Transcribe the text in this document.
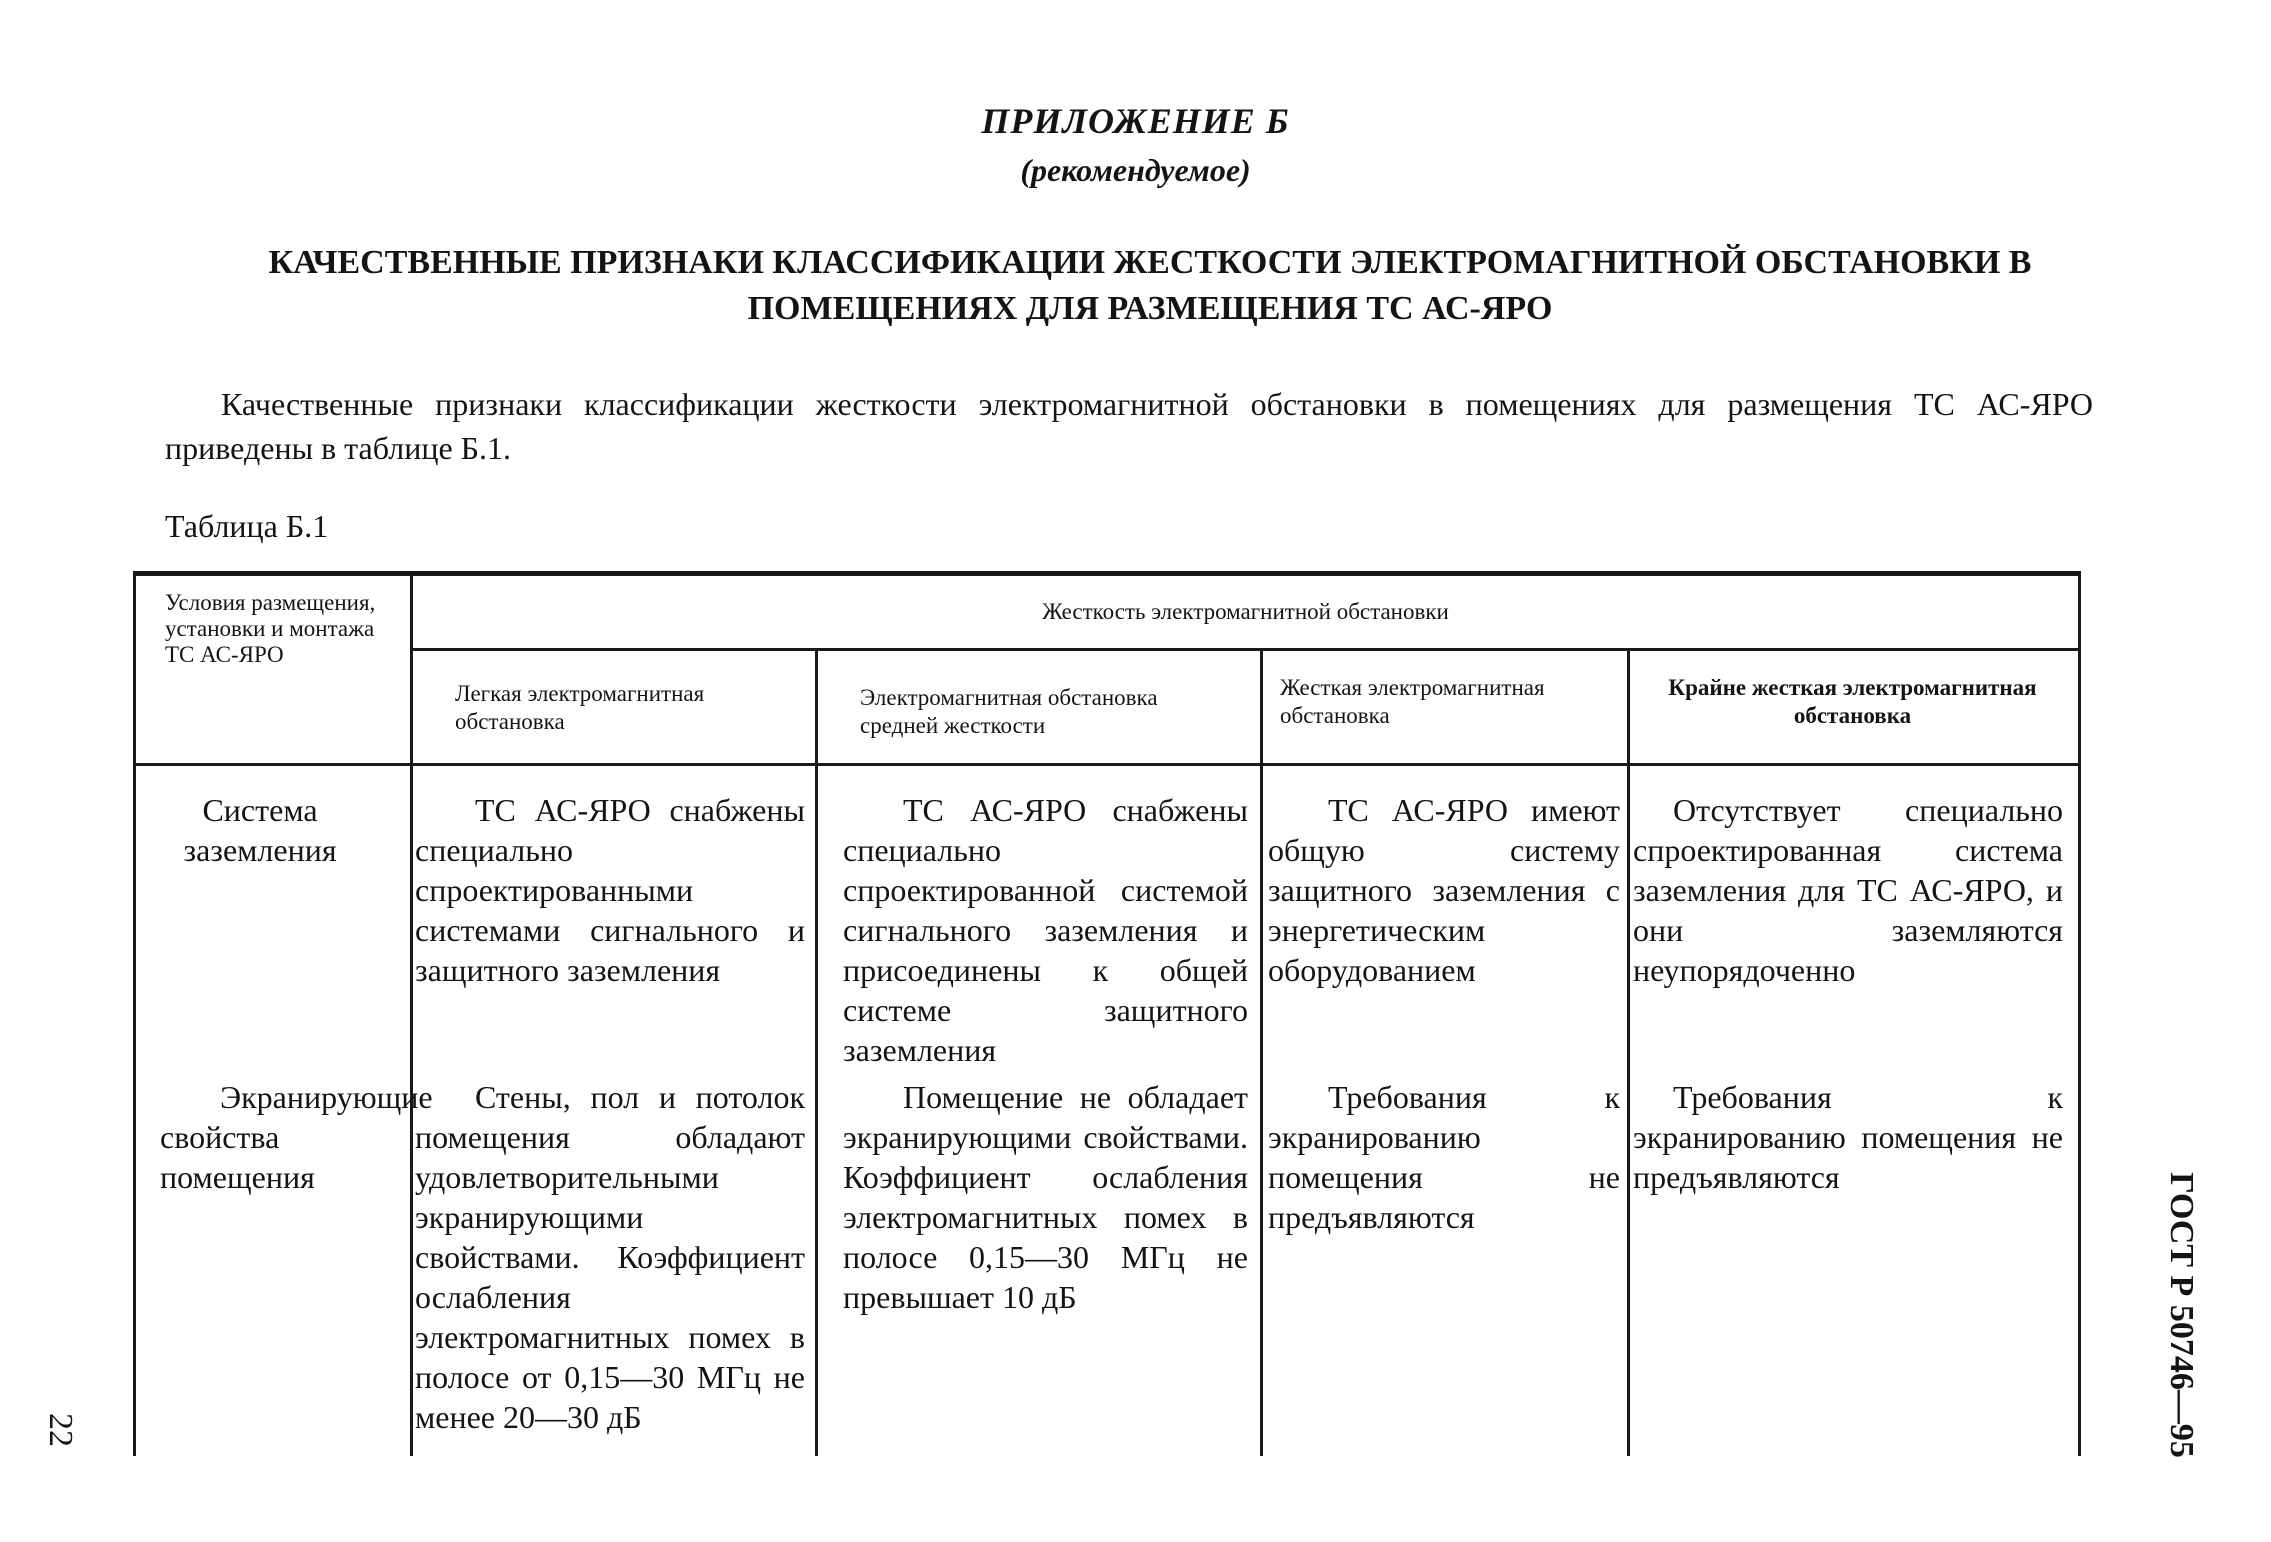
ПРИЛОЖЕНИЕ Б
(рекомендуемое)
КАЧЕСТВЕННЫЕ ПРИЗНАКИ КЛАССИФИКАЦИИ ЖЕСТКОСТИ ЭЛЕКТРОМАГНИТНОЙ ОБСТАНОВКИ В ПОМЕЩЕНИЯХ ДЛЯ РАЗМЕЩЕНИЯ ТС АС-ЯРО
Качественные признаки классификации жесткости электромагнитной обстановки в помещениях для размещения ТС АС-ЯРО приведены в таблице Б.1.
Таблица Б.1
Условия размещения, установки и монтажа ТС АС-ЯРО
Жесткость электромагнитной обстановки
Легкая электромагнитная обстановка
Электромагнитная обстановка средней жесткости
Жесткая электромагнитная обстановка
Крайне жесткая электромагнитная обстановка
Система заземления
ТС АС-ЯРО снабжены специально спроектированными системами сигнального и защитного заземления
ТС АС-ЯРО снабжены специально спроектированной системой сигнального заземления и присоединены к общей системе защитного заземления
ТС АС-ЯРО имеют общую систему защитного заземления с энергетическим оборудованием
Отсутствует специально спроектированная система заземления для ТС АС-ЯРО, и они заземляются неупорядоченно
Экранирующие свойства помещения
Стены, пол и потолок помещения обладают удовлетворительными экранирующими свойствами. Коэффициент ослабления электромагнитных помех в полосе от 0,15—30 МГц не менее 20—30 дБ
Помещение не обладает экранирующими свойствами. Коэффициент ослабления электромагнитных помех в полосе 0,15—30 МГц не превышает 10 дБ
Требования к экранированию помещения не предъявляются
Требования к экранированию помещения не предъявляются	ГОСТ Р 50746—95
22
